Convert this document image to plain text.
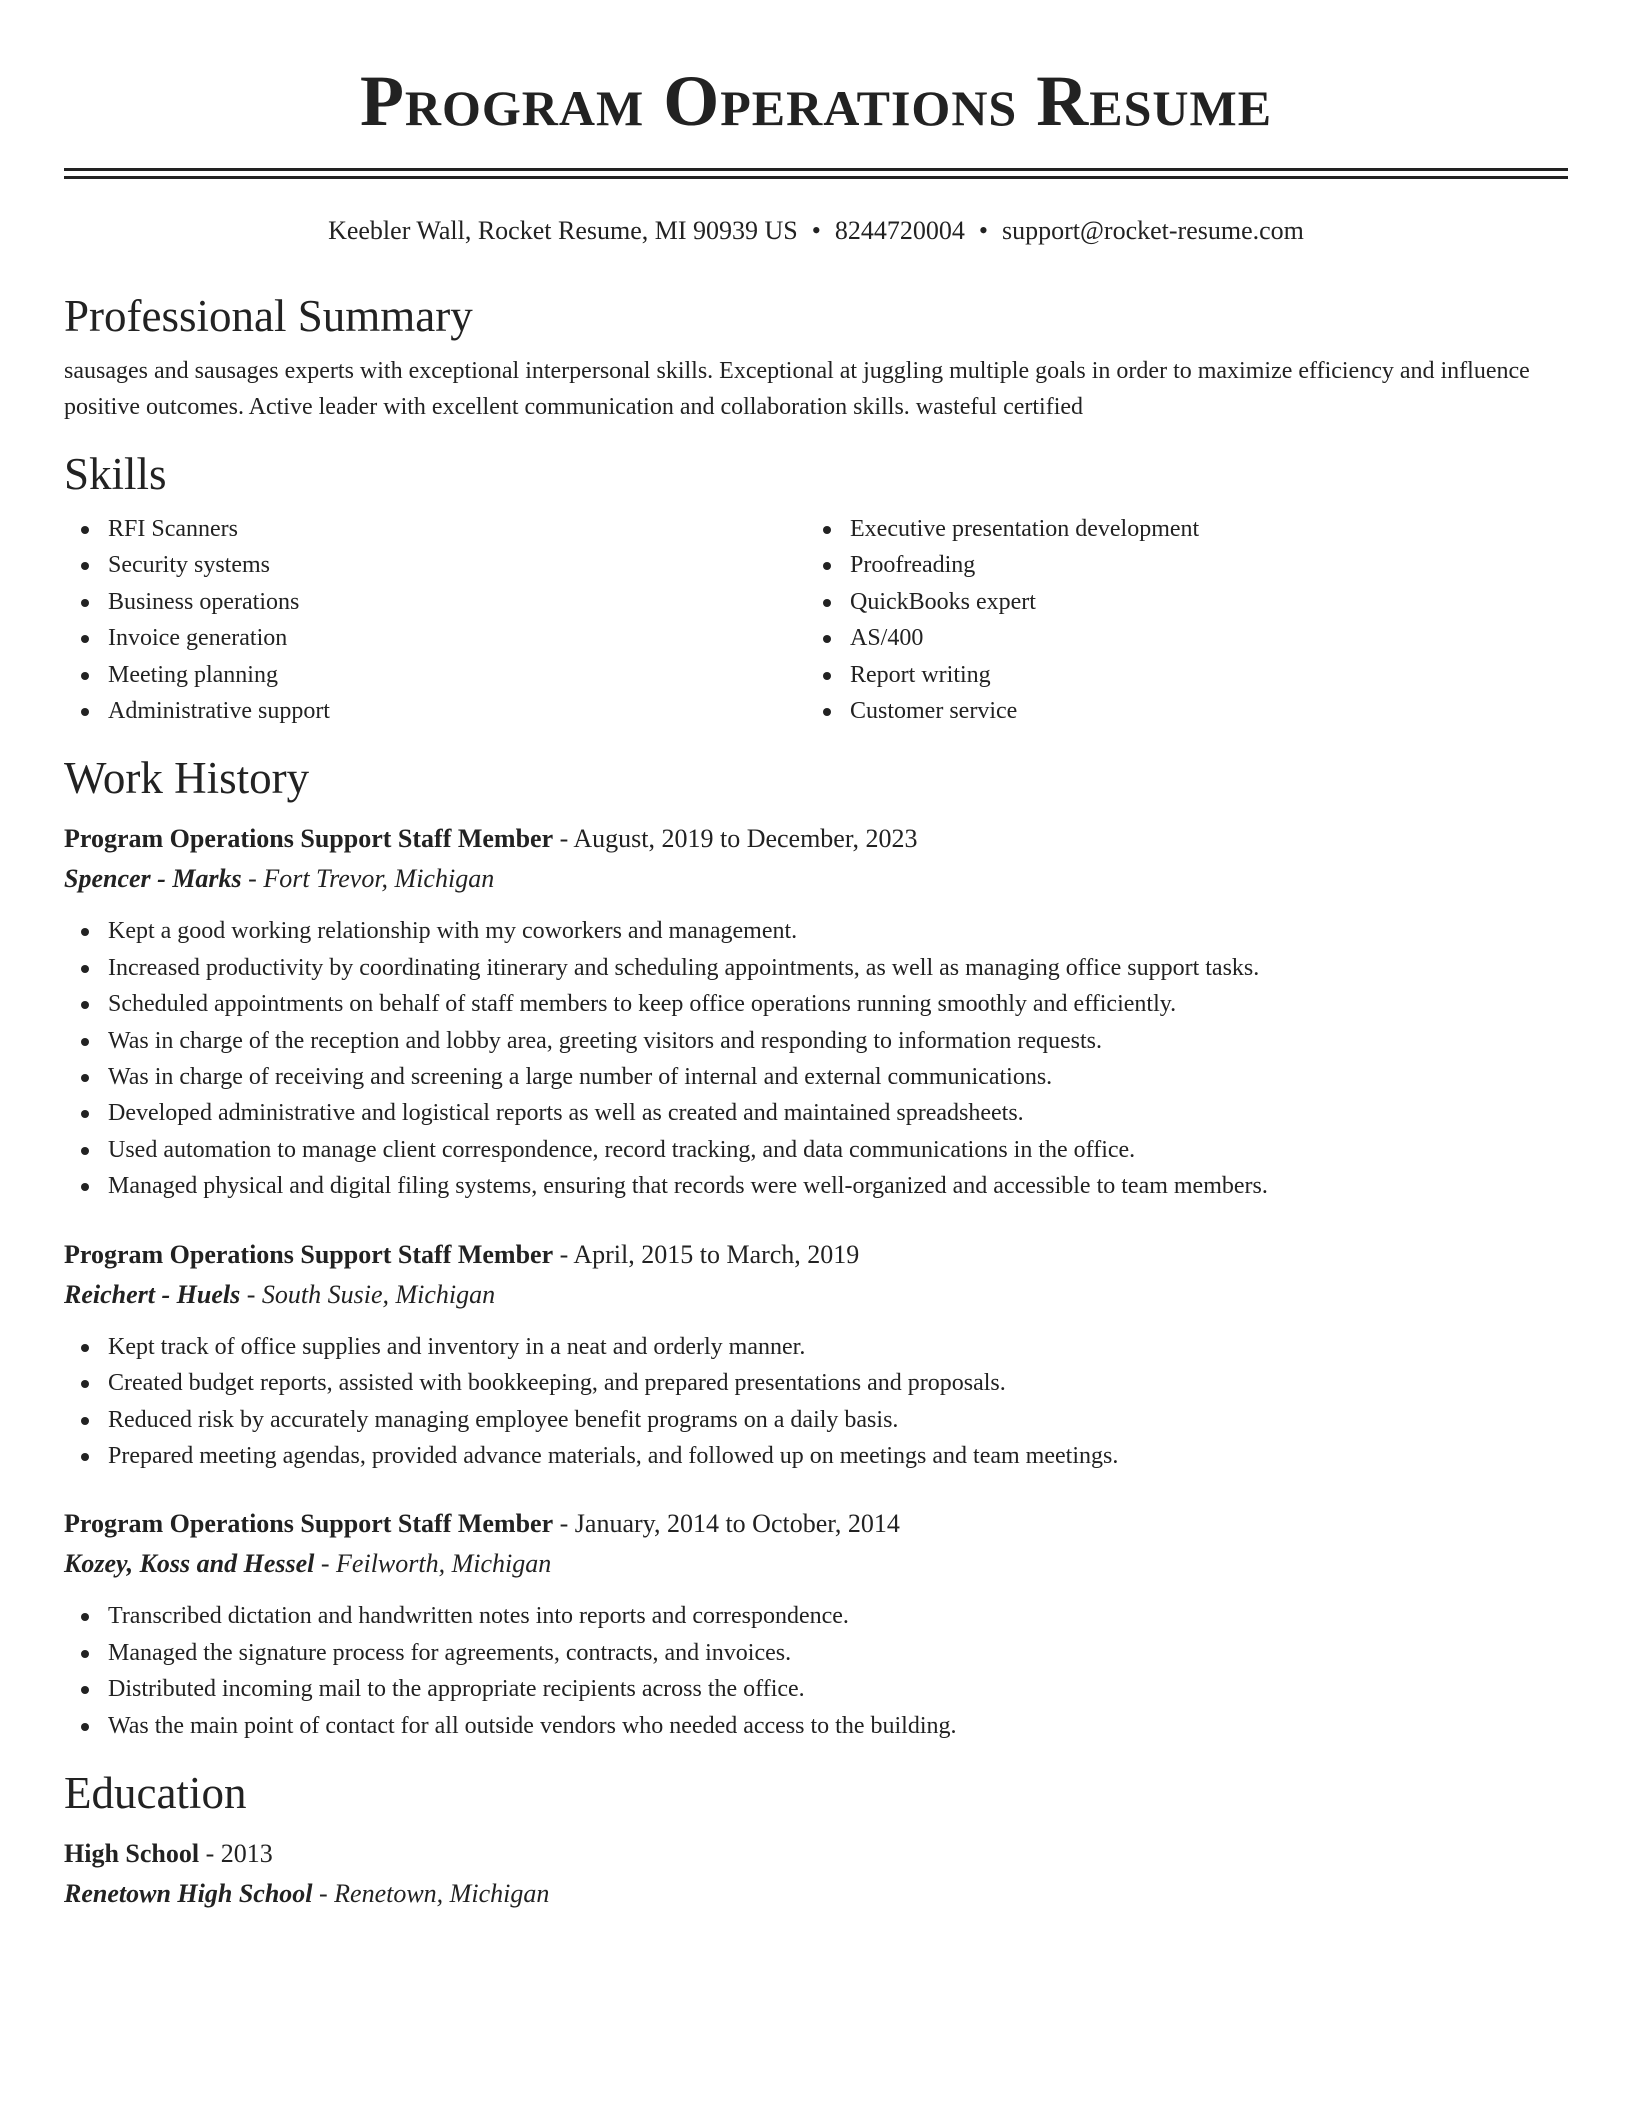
Program Operations Resume
Keebler Wall, Rocket Resume, MI 90939 US • 8244720004 • support@rocket-resume.com
Professional Summary

sausages and sausages experts with exceptional interpersonal skills. Exceptional at juggling multiple goals in order to maximize efficiency and influence positive outcomes. Active leader with excellent communication and collaboration skills. wasteful certified

Skills
RFI Scanners
Security systems
Business operations
Invoice generation
Meeting planning
Administrative support
Executive presentation development
Proofreading
QuickBooks expert
AS/400
Report writing
Customer service
Work History
Program Operations Support Staff Member - August, 2019 to December, 2023
Spencer - Marks - Fort Trevor, Michigan
Kept a good working relationship with my coworkers and management.
Increased productivity by coordinating itinerary and scheduling appointments, as well as managing office support tasks.
Scheduled appointments on behalf of staff members to keep office operations running smoothly and efficiently.
Was in charge of the reception and lobby area, greeting visitors and responding to information requests.
Was in charge of receiving and screening a large number of internal and external communications.
Developed administrative and logistical reports as well as created and maintained spreadsheets.
Used automation to manage client correspondence, record tracking, and data communications in the office.
Managed physical and digital filing systems, ensuring that records were well-organized and accessible to team members.
Program Operations Support Staff Member - April, 2015 to March, 2019
Reichert - Huels - South Susie, Michigan
Kept track of office supplies and inventory in a neat and orderly manner.
Created budget reports, assisted with bookkeeping, and prepared presentations and proposals.
Reduced risk by accurately managing employee benefit programs on a daily basis.
Prepared meeting agendas, provided advance materials, and followed up on meetings and team meetings.
Program Operations Support Staff Member - January, 2014 to October, 2014
Kozey, Koss and Hessel - Feilworth, Michigan
Transcribed dictation and handwritten notes into reports and correspondence.
Managed the signature process for agreements, contracts, and invoices.
Distributed incoming mail to the appropriate recipients across the office.
Was the main point of contact for all outside vendors who needed access to the building.
Education
High School - 2013
Renetown High School - Renetown, Michigan
